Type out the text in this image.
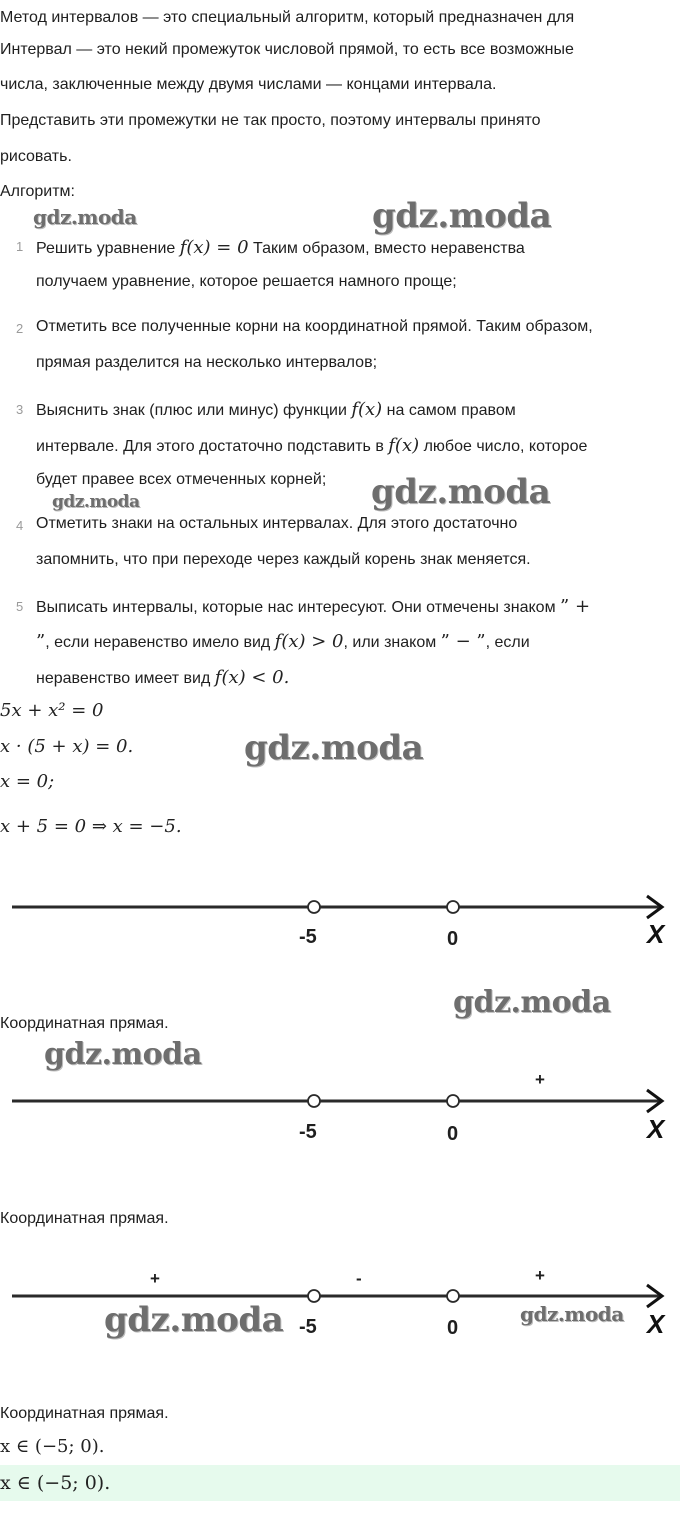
Метод интервалов — это специальный алгоритм, который предназначен для
Интервал — это некий промежуток числовой прямой, то есть все возможные
числа, заключенные между двумя числами — концами интервала.
Представить эти промежутки не так просто, поэтому интервалы принято
рисовать.
Алгоритм:
gdz.moda	gdz.moda
1 Решить уравнение f(x) = 0 Таким образом, вместо неравенства
получаем уравнение, которое решается намного проще;
2 Отметить все полученные корни на координатной прямой. Таким образом,
прямая разделится на несколько интервалов;
3 Выяснить знак (плюс или минус) функции f(x) на самом правом
интервале. Для этого достаточно подставить в f(x) любое число, которое
будет правее всех отмеченных корней;
gdz.moda	gdz.moda
4 Отметить знаки на остальных интервалах. Для этого достаточно
запомнить, что при переходе через каждый корень знак меняется.
5 Выписать интервалы, которые нас интересуют. Они отмечены знаком ” +
”, если неравенство имело вид f(x) > 0, или знаком ” − ”, если
неравенство имеет вид f(x) < 0.
5x + x² = 0
x · (5 + x) = 0.
x = 0;
x + 5 = 0 ⇒ x = −5.
gdz.moda
-5	0	X
gdz.moda
Координатная прямая.
gdz.moda
+
-5	0	X
Координатная прямая.
+	-	+
-5	0	X
gdz.moda	gdz.moda
Координатная прямая.
x ∈ (−5; 0).
x ∈ (−5; 0).
